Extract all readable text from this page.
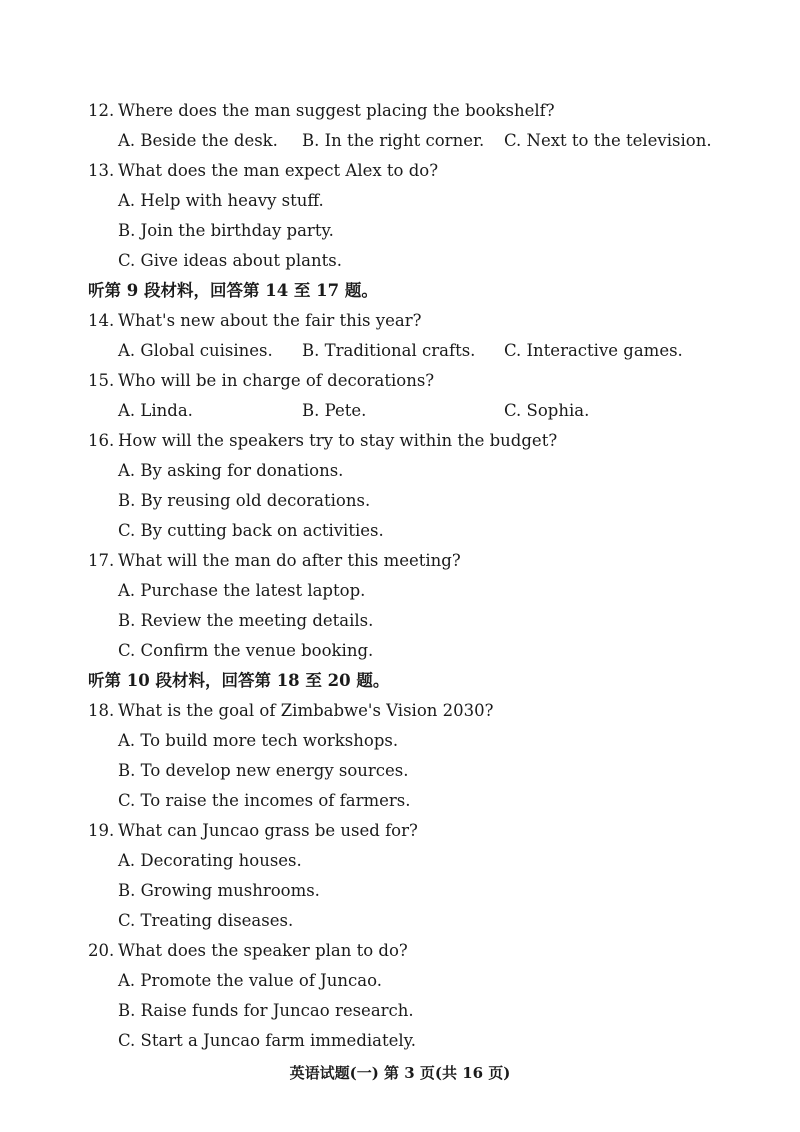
12. Where does the man suggest placing the bookshelf?
A. Beside the desk. B. In the right corner. C. Next to the television.
13. What does the man expect Alex to do?
A. Help with heavy stuff.
B. Join the birthday party.
C. Give ideas about plants.
听第 9 段材料，回答第 14 至 17 题。
14. What's new about the fair this year?
A. Global cuisines. B. Traditional crafts. C. Interactive games.
15. Who will be in charge of decorations?
A. Linda.	B. Pete.	C. Sophia.
16. How will the speakers try to stay within the budget?
A. By asking for donations.
B. By reusing old decorations.
C. By cutting back on activities.
17. What will the man do after this meeting?
A. Purchase the latest laptop.
B. Review the meeting details.
C. Confirm the venue booking.
听第 10 段材料，回答第 18 至 20 题。
18. What is the goal of Zimbabwe's Vision 2030?
A. To build more tech workshops.
B. To develop new energy sources.
C. To raise the incomes of farmers.
19. What can Juncao grass be used for?
A. Decorating houses.
B. Growing mushrooms.
C. Treating diseases.
20. What does the speaker plan to do?
A. Promote the value of Juncao.
B. Raise funds for Juncao research.
C. Start a Juncao farm immediately.
英语试题(一) 第 3 页(共 16 页)
